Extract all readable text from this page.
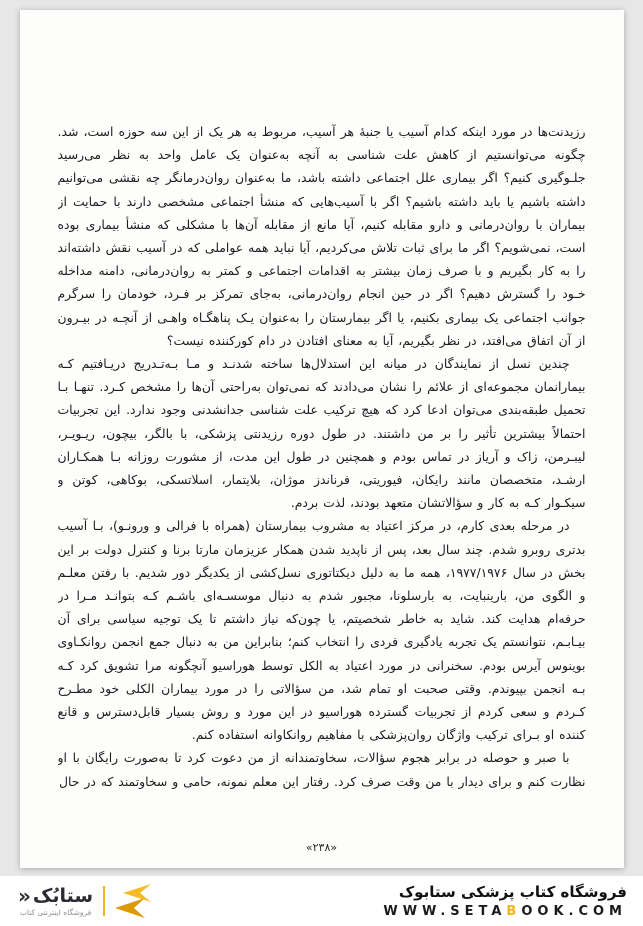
رزیدنت‌ها در مورد اینکه کدام آسیب یا جنبهٔ هر آسیب، مربوط به هر یک از این سه حوزه است، شد. چگونه می‌توانستیم از کاهش علت شناسی به آنچه به‌عنوان یک عامل واحد به نظر می‌رسید جلـوگیری کنیم؟ اگر بیماری علل اجتماعی داشته باشد، ما به‌عنوان روان‌درمانگر چه نقشی می‌توانیم داشته باشیم یا باید داشته باشیم؟ اگر با آسیب‌هایی که منشأ اجتماعی مشخصی دارند با حمایت از بیماران با روان‌درمانی و دارو مقابله کنیم، آیا مانع از مقابله آن‌ها با مشکلی که منشأ بیماری بوده است، نمی‌شویم؟ اگر ما برای ثبات تلاش می‌کردیم، آیا نباید همه عواملی که در آسیب نقش داشته‌اند را به کار بگیریم و با صرف زمان بیشتر به اقدامات اجتماعی و کمتر به روان‌درمانی، دامنه مداخله خـود را گسترش دهیم؟ اگر در حین انجام روان‌درمانی، به‌جای تمرکز بر فـرد، خودمان را سرگرم جوانب اجتماعی یک بیماری بکنیم، یا اگر بیمارستان را به‌عنوان یـک پناهگـاه واهـی از آنچـه در بیـرون از آن اتفاق می‌افتد، در نظر بگیریم، آیا به معنای افتادن در دام کورکننده نیست؟

چندین نسل از نمایندگان در میانه این استدلال‌ها ساخته شدنـد و مـا بـه‌تـدریج دریـافتیم کـه بیمارانمان مجموعه‌ای از علائم را نشان می‌دادند که نمی‌توان به‌راحتی آن‌ها را مشخص کـرد. تنهـا بـا تحمیل طبقه‌بندی می‌توان ادعا کرد که هیچ ترکیب علت شناسی جدانشدنی وجود ندارد. این تجربیات احتمالاً بیشترین تأثیر را بر من داشتند. در طول دوره رزیدنتی پزشکی، با بالگر، بیچون، ریـویـر، لیبـرمن، زاک و آریاز در تماس بودم و همچنین در طول این مدت، از مشورت روزانه بـا همکـاران ارشـد، متخصصان مانند رایکان، فیوریتی، فرناندز موژان، بلایتمار، اسلاتسکی، بوکاهی، کوتن و سیکـوار کـه به کار و سؤالاتشان متعهد بودند، لذت بردم.

در مرحله بعدی کارم، در مرکز اعتیاد به مشروب بیمارستان (همراه با فرالی و ورونـو)، بـا آسیب بدتری روبرو شدم. چند سال بعد، پس از ناپدید شدن همکار عزیزمان مارتا برنا و کنترل دولت بر این بخش در سال ۱۹۷۷/۱۹۷۶، همه ما به دلیل دیکتاتوری نسل‌کشی از یکدیگر دور شدیم. با رفتن معلـم و الگوی من، بارینبایت، به بارسلونا، مجبور شدم به دنبال موسسـه‌ای باشـم کـه بتوانـد مـرا در حرفه‌ام هدایت کند. شاید به خاطر شخصیتم، یا چون‌که نیاز داشتم تا یک توجیه سیاسی برای آن بیـابـم، نتوانستم یک تجربه یادگیری فردی را انتخاب کنم؛ بنابراین من به دنبال جمع انجمن روانکـاوی بوینوس آیرس بودم. سخنرانی در مورد اعتیاد به الکل توسط هوراسیو آنچگونه مرا تشویق کرد کـه بـه انجمن بپیوندم. وقتی صحبت او تمام شد، من سؤالاتی را در مورد بیماران الکلی خود مطـرح کـردم و سعی کردم از تجربیات گسترده هوراسیو در این مورد و روش بسیار قابل‌دسترس و قانع کننده او بـرای ترکیب واژگان روان‌پزشکی با مفاهیم روانکاوانه استفاده کنم.

با صبر و حوصله در برابر هجوم سؤالات، سخاوتمندانه از من دعوت کرد تا به‌صورت رایگان با او نظارت کنم و برای دیدار با من وقت صرف کرد. رفتار این معلم نمونه، حامی و سخاوتمند که در حال

«۲۳۸»
« ستابُک
فروشگاه اینترنتی کتاب
فروشگاه کتاب پزشکی ستابوک
WWW.SETABOOK.COM
